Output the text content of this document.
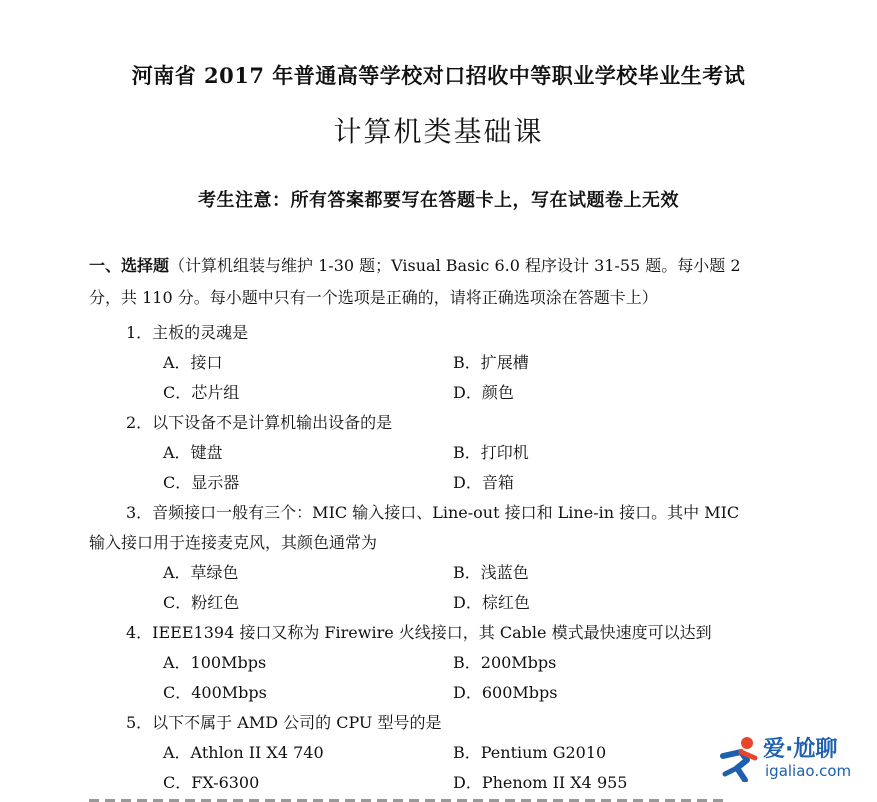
河南省 2017 年普通高等学校对口招收中等职业学校毕业生考试
计算机类基础课
考生注意：所有答案都要写在答题卡上，写在试题卷上无效
一、选择题（计算机组装与维护 1-30 题；Visual Basic 6.0 程序设计 31-55 题。每小题 2
分，共 110 分。每小题中只有一个选项是正确的，请将正确选项涂在答题卡上）
1．主板的灵魂是
A．接口	B．扩展槽
C．芯片组	D．颜色
2．以下设备不是计算机输出设备的是
A．键盘	B．打印机
C．显示器	D．音箱
3．音频接口一般有三个：MIC 输入接口、Line-out 接口和 Line-in 接口。其中 MIC
输入接口用于连接麦克风，其颜色通常为
A．草绿色	B．浅蓝色
C．粉红色	D．棕红色
4．IEEE1394 接口又称为 Firewire 火线接口，其 Cable 模式最快速度可以达到
A．100Mbps	B．200Mbps
C．400Mbps	D．600Mbps
5．以下不属于 AMD 公司的 CPU 型号的是
A．Athlon II X4 740	B．Pentium G2010
C．FX-6300	D．Phenom II X4 955
爱·尬聊
igaliao.com
